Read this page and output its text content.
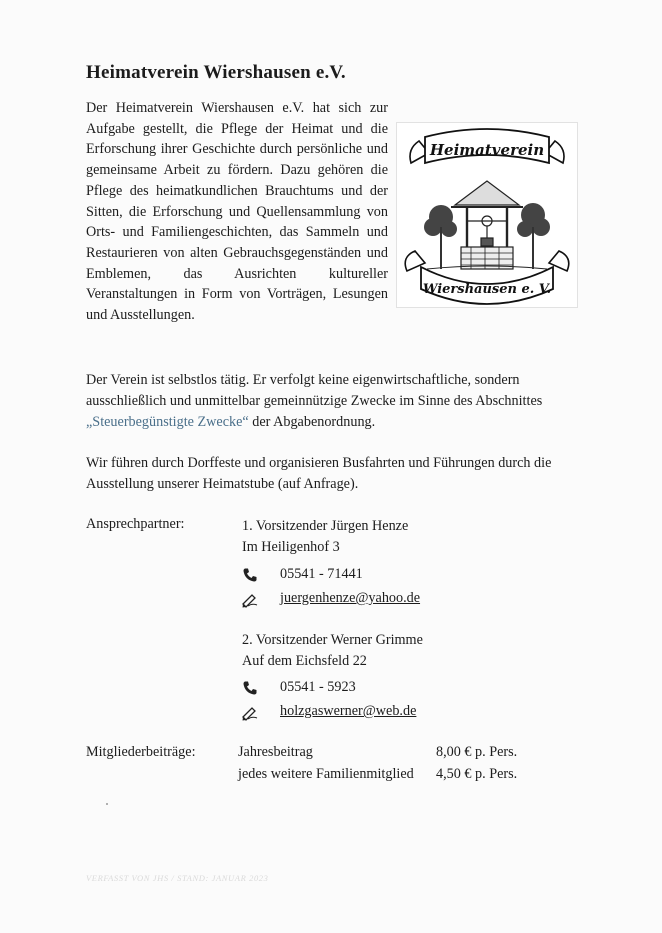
Heimatverein Wiershausen e.V.

Der Heimatverein Wiershausen e.V. hat sich zur Aufgabe gestellt, die Pflege der Heimat und die Erforschung ihrer Geschichte durch persönliche und gemeinsame Arbeit zu fördern. Dazu gehören die Pflege des heimatkundlichen Brauchtums und der Sitten, die Erforschung und Quellensammlung von Orts- und Familiengeschichten, das Sammeln und Restaurieren von alten Gebrauchsgegenständen und Emblemen, das Ausrichten kultureller Veranstaltungen in Form von Vorträgen, Lesungen und Ausstellungen.

Heimatverein
Wiershausen e. V.

Der Verein ist selbstlos tätig. Er verfolgt keine eigenwirtschaftliche, sondern ausschließlich und unmittelbar gemeinnützige Zwecke im Sinne des Abschnittes „Steuerbegünstigte Zwecke“ der Abgabenordnung.

Wir führen durch Dorffeste und organisieren Busfahrten und Führungen durch die Ausstellung unserer Heimatstube (auf Anfrage).

Ansprechpartner:	1. Vorsitzender Jürgen Henze
Im Heiligenhof 3
05541 - 71441
juergenhenze@yahoo.de
2. Vorsitzender Werner Grimme
Auf dem Eichsfeld 22
05541 - 5923
holzgaswerner@web.de
Mitgliederbeiträge:	Jahresbeitrag	8,00 € p. Pers.
jedes weitere Familienmitglied 4,50 € p. Pers.
VERFASST VON JHS / STAND: JANUAR 2023
